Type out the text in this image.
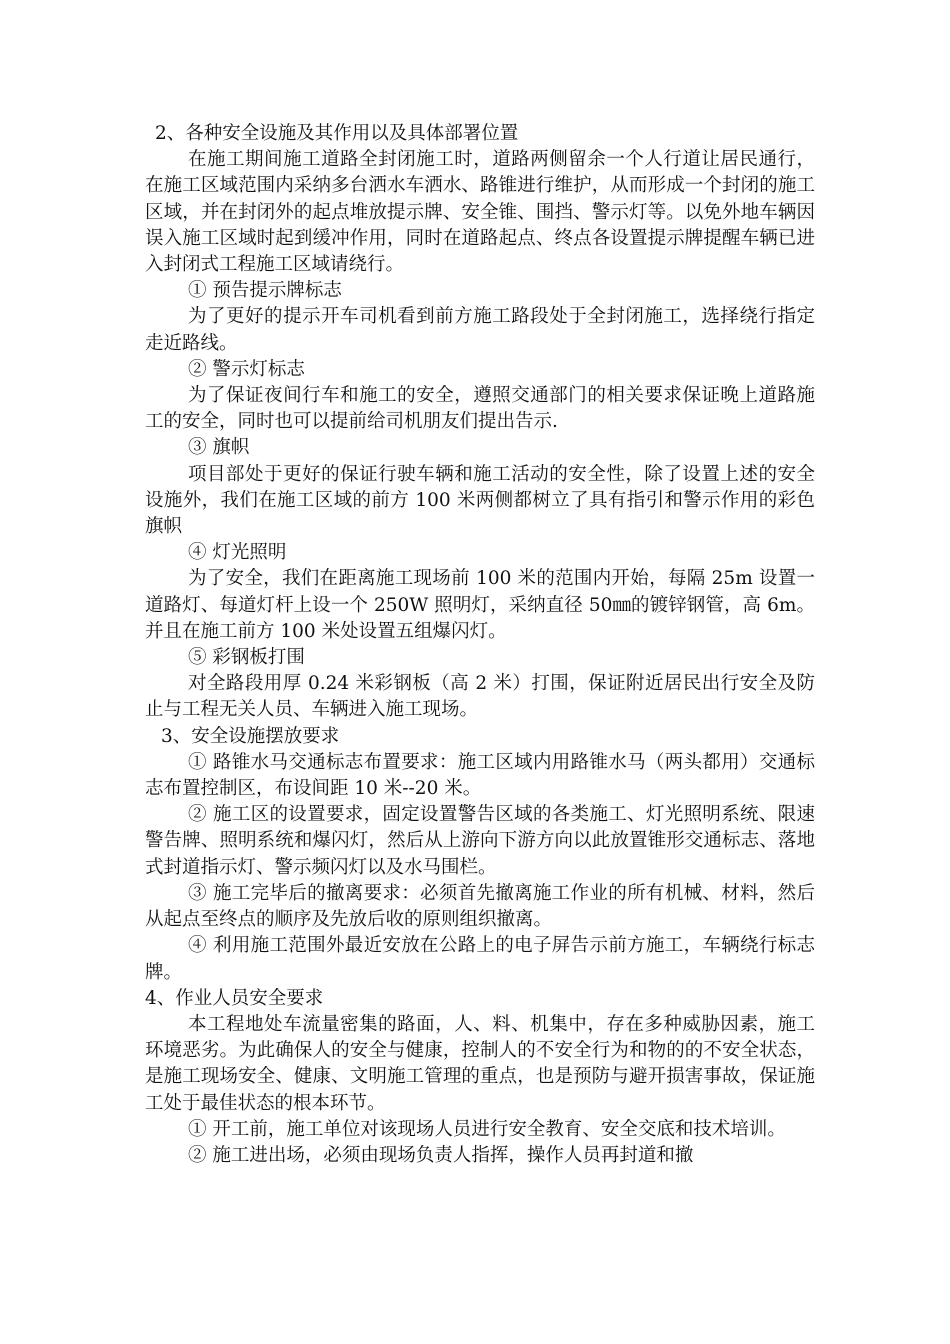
2、各种安全设施及其作用以及具体部署位置

在施工期间施工道路全封闭施工时，道路两侧留余一个人行道让居民通行，在施工区域范围内采纳多台洒水车洒水、路锥进行维护，从而形成一个封闭的施工区域，并在封闭外的起点堆放提示牌、安全锥、围挡、警示灯等。以免外地车辆因误入施工区域时起到缓冲作用，同时在道路起点、终点各设置提示牌提醒车辆已进入封闭式工程施工区域请绕行。

① 预告提示牌标志

为了更好的提示开车司机看到前方施工路段处于全封闭施工，选择绕行指定走近路线。

② 警示灯标志

为了保证夜间行车和施工的安全，遵照交通部门的相关要求保证晚上道路施工的安全，同时也可以提前给司机朋友们提出告示.

③ 旗帜

项目部处于更好的保证行驶车辆和施工活动的安全性，除了设置上述的安全设施外，我们在施工区域的前方 100 米两侧都树立了具有指引和警示作用的彩色旗帜

④ 灯光照明

为了安全，我们在距离施工现场前 100 米的范围内开始，每隔 25m 设置一道路灯、每道灯杆上设一个 250W 照明灯，采纳直径 50㎜的镀锌钢管，高 6m。并且在施工前方 100 米处设置五组爆闪灯。

⑤ 彩钢板打围

对全路段用厚 0.24 米彩钢板（高 2 米）打围，保证附近居民出行安全及防止与工程无关人员、车辆进入施工现场。

3、安全设施摆放要求

① 路锥水马交通标志布置要求：施工区域内用路锥水马（两头都用）交通标志布置控制区，布设间距 10 米--20 米。

② 施工区的设置要求，固定设置警告区域的各类施工、灯光照明系统、限速警告牌、照明系统和爆闪灯，然后从上游向下游方向以此放置锥形交通标志、落地式封道指示灯、警示频闪灯以及水马围栏。

③ 施工完毕后的撤离要求：必须首先撤离施工作业的所有机械、材料，然后从起点至终点的顺序及先放后收的原则组织撤离。

④ 利用施工范围外最近安放在公路上的电子屏告示前方施工，车辆绕行标志牌。

4、作业人员安全要求

本工程地处车流量密集的路面，人、料、机集中，存在多种威胁因素，施工环境恶劣。为此确保人的安全与健康，控制人的不安全行为和物的的不安全状态，是施工现场安全、健康、文明施工管理的重点，也是预防与避开损害事故，保证施工处于最佳状态的根本环节。

① 开工前，施工单位对该现场人员进行安全教育、安全交底和技术培训。

② 施工进出场，必须由现场负责人指挥，操作人员再封道和撤
